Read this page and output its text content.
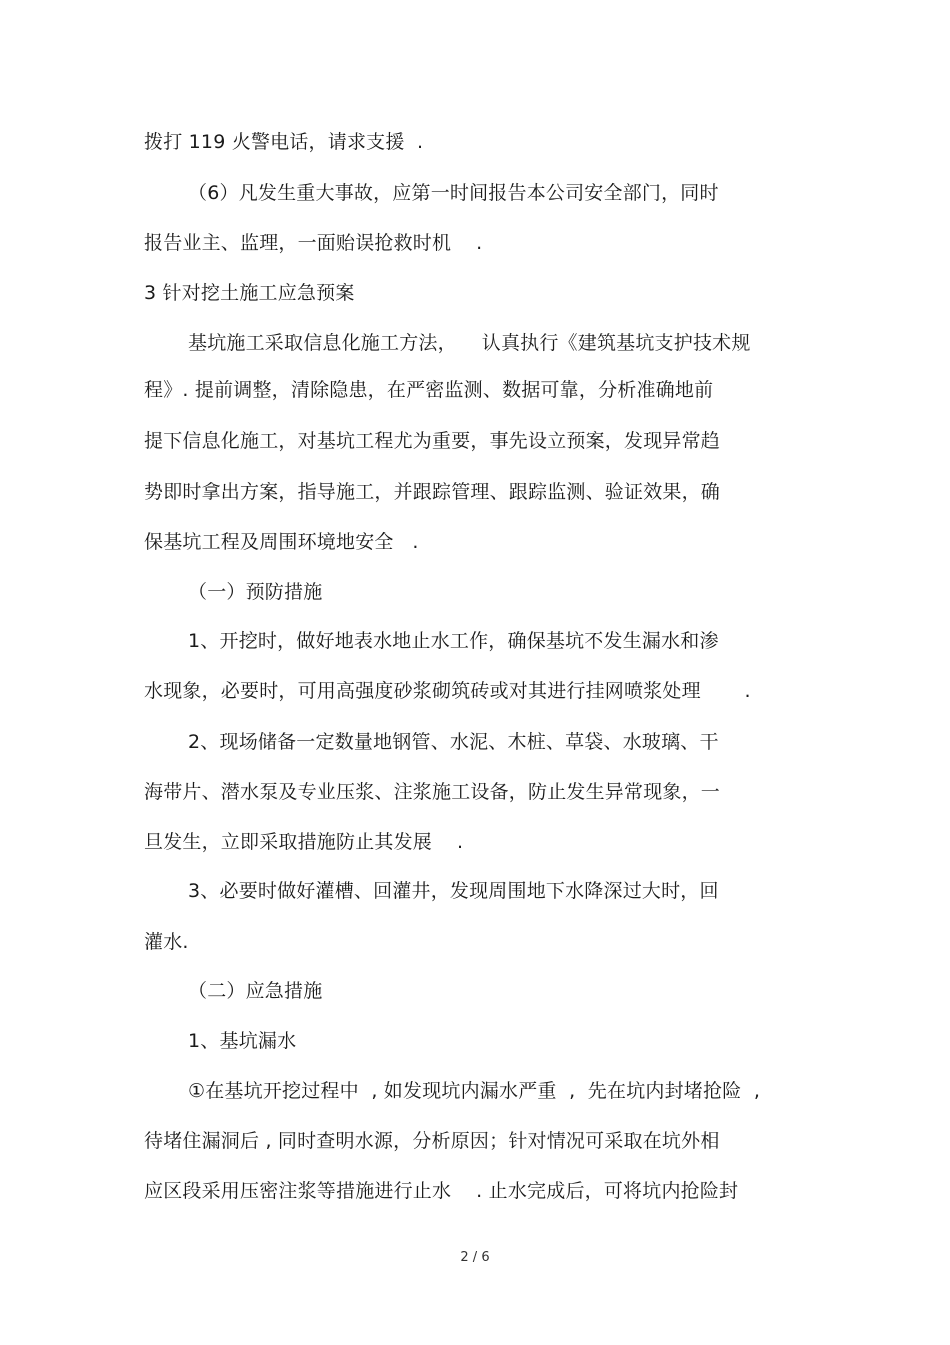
拨打 119 火警电话，请求支援  .
（6）凡发生重大事故，应第一时间报告本公司安全部门，同时
报告业主、监理，一面贻误抢救时机    .
3 针对挖土施工应急预案
基坑施工采取信息化施工方法，    认真执行《建筑基坑支护技术规
程》. 提前调整，清除隐患，在严密监测、数据可靠，分析准确地前
提下信息化施工，对基坑工程尤为重要，事先设立预案，发现异常趋
势即时拿出方案，指导施工，并跟踪管理、跟踪监测、验证效果，确
保基坑工程及周围环境地安全   .
（一）预防措施
1、开挖时，做好地表水地止水工作，确保基坑不发生漏水和渗
水现象，必要时，可用高强度砂浆砌筑砖或对其进行挂网喷浆处理       .
2、现场储备一定数量地钢管、水泥、木桩、草袋、水玻璃、干
海带片、潜水泵及专业压浆、注浆施工设备，防止发生异常现象，一
旦发生，立即采取措施防止其发展    .
3、必要时做好灌槽、回灌井，发现周围地下水降深过大时，回
灌水.
（二）应急措施
1、基坑漏水
①在基坑开挖过程中  , 如发现坑内漏水严重  ,  先在坑内封堵抢险  ,
待堵住漏洞后 , 同时查明水源，分析原因；针对情况可采取在坑外相
应区段采用压密注浆等措施进行止水    . 止水完成后，可将坑内抢险封
2 / 6
